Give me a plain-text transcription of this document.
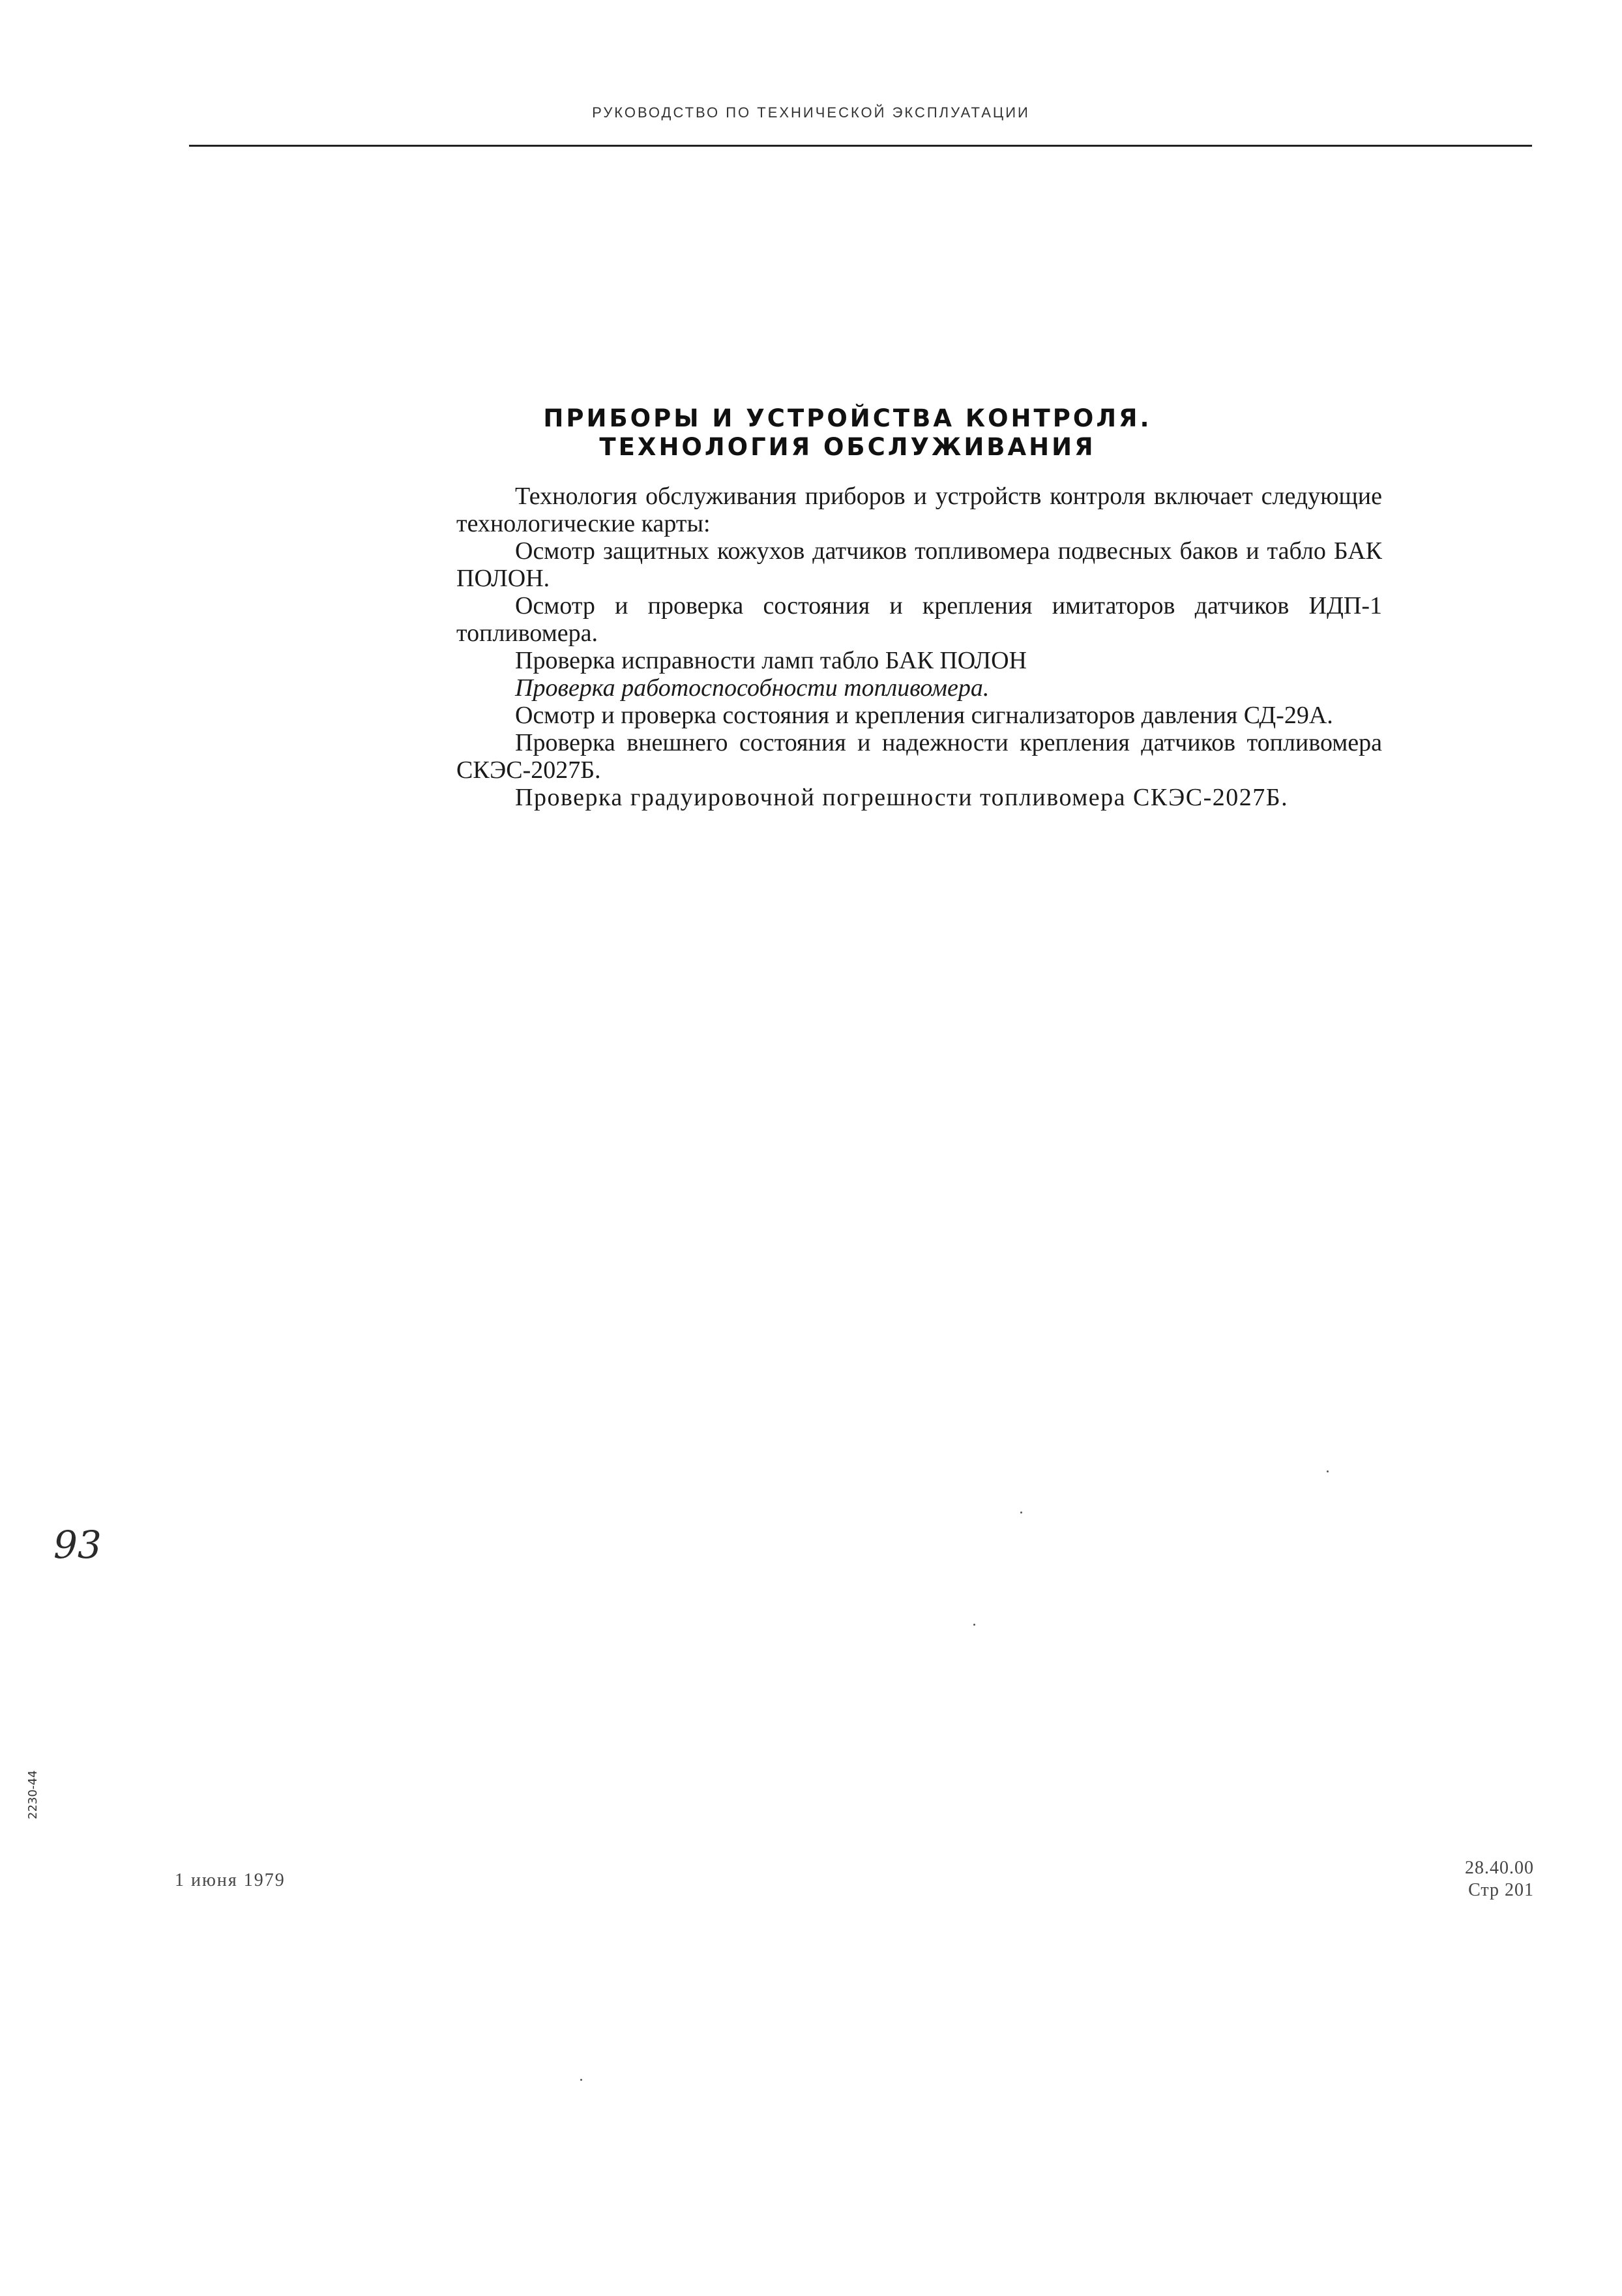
РУКОВОДСТВО ПО ТЕХНИЧЕСКОЙ ЭКСПЛУАТАЦИИ
ПРИБОРЫ И УСТРОЙСТВА КОНТРОЛЯ.
ТЕХНОЛОГИЯ ОБСЛУЖИВАНИЯ

Технология обслуживания приборов и устройств контроля включает следующие технологические карты:

Осмотр защитных кожухов датчиков топливомера подвесных баков и табло БАК ПОЛОН.
Осмотр и проверка состояния и крепления имитаторов датчиков ИДП-1 топливомера.
Проверка исправности ламп табло БАК ПОЛОН
Проверка работоспособности топливомера.
Осмотр и проверка состояния и крепления сигнализаторов давления СД-29А.
Проверка внешнего состояния и надежности крепления датчиков топливомера СКЭС-2027Б.
Проверка градуировочной погрешности топливомера СКЭС-2027Б.
93
2230-44
1 июня 1979
28.40.00
Стр 201
